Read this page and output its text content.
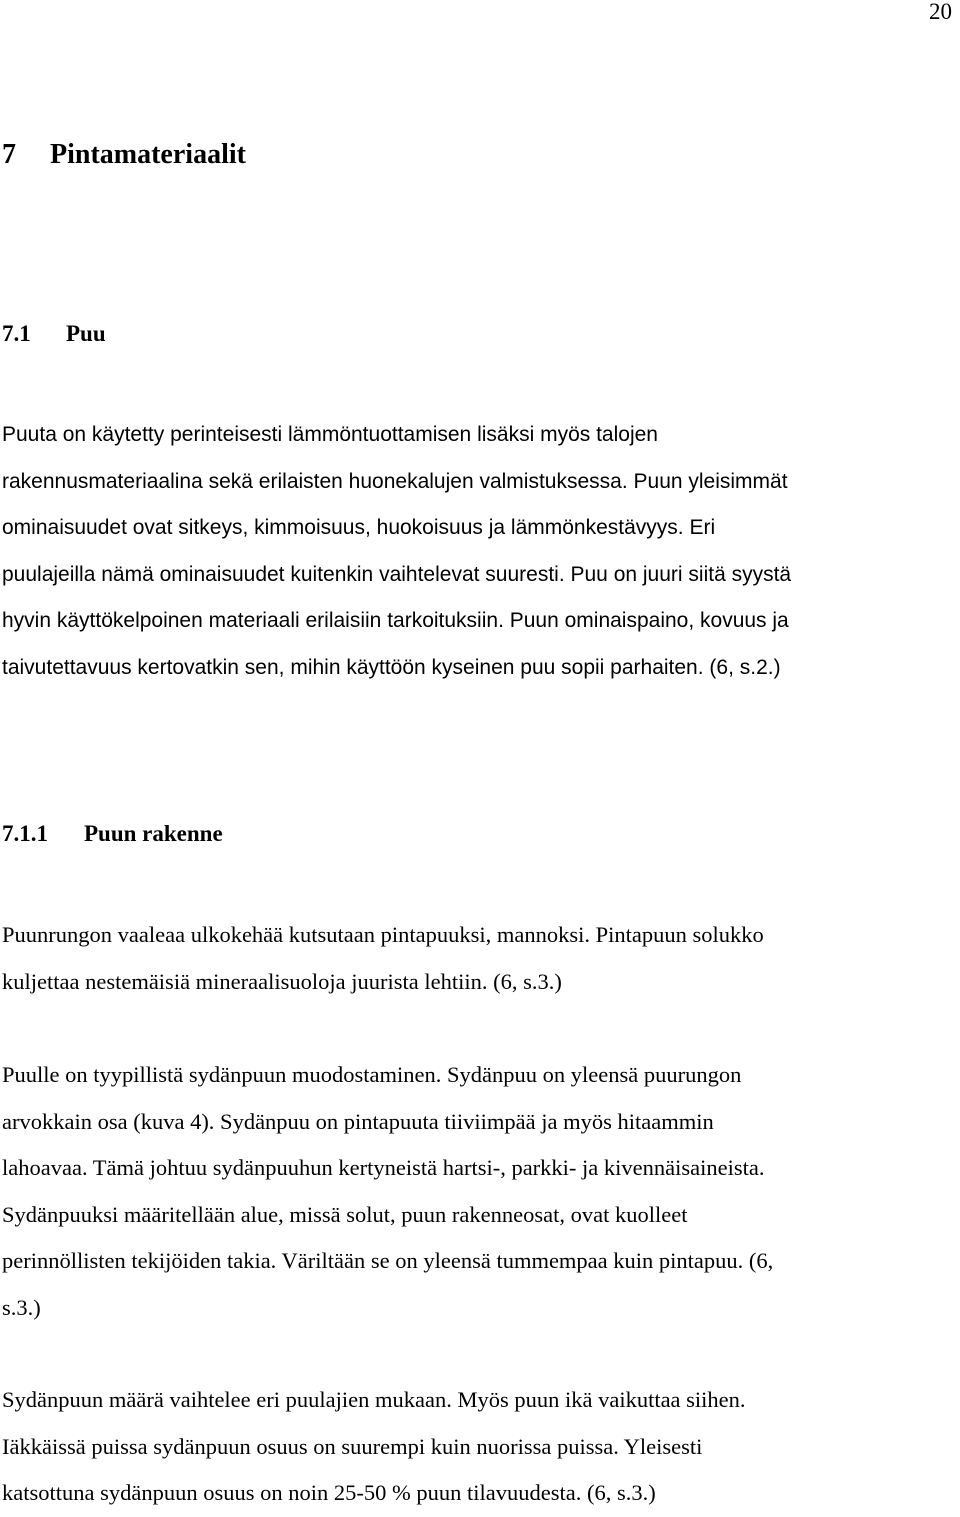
20
7 Pintamateriaalit
7.1 Puu
Puuta on käytetty perinteisesti lämmöntuottamisen lisäksi myös talojen
rakennusmateriaalina sekä erilaisten huonekalujen valmistuksessa. Puun yleisimmät
ominaisuudet ovat sitkeys, kimmoisuus, huokoisuus ja lämmönkestävyys. Eri
puulajeilla nämä ominaisuudet kuitenkin vaihtelevat suuresti. Puu on juuri siitä syystä
hyvin käyttökelpoinen materiaali erilaisiin tarkoituksiin. Puun ominaispaino, kovuus ja
taivutettavuus kertovatkin sen, mihin käyttöön kyseinen puu sopii parhaiten. (6, s.2.)
7.1.1 Puun rakenne
Puunrungon vaaleaa ulkokehää kutsutaan pintapuuksi, mannoksi. Pintapuun solukko
kuljettaa nestemäisiä mineraalisuoloja juurista lehtiin. (6, s.3.)
Puulle on tyypillistä sydänpuun muodostaminen. Sydänpuu on yleensä puurungon
arvokkain osa (kuva 4). Sydänpuu on pintapuuta tiiviimpää ja myös hitaammin
lahoavaa. Tämä johtuu sydänpuuhun kertyneistä hartsi-, parkki- ja kivennäisaineista.
Sydänpuuksi määritellään alue, missä solut, puun rakenneosat, ovat kuolleet
perinnöllisten tekijöiden takia. Väriltään se on yleensä tummempaa kuin pintapuu. (6,
s.3.)
Sydänpuun määrä vaihtelee eri puulajien mukaan. Myös puun ikä vaikuttaa siihen.
Iäkkäissä puissa sydänpuun osuus on suurempi kuin nuorissa puissa. Yleisesti
katsottuna sydänpuun osuus on noin 25-50 % puun tilavuudesta. (6, s.3.)
